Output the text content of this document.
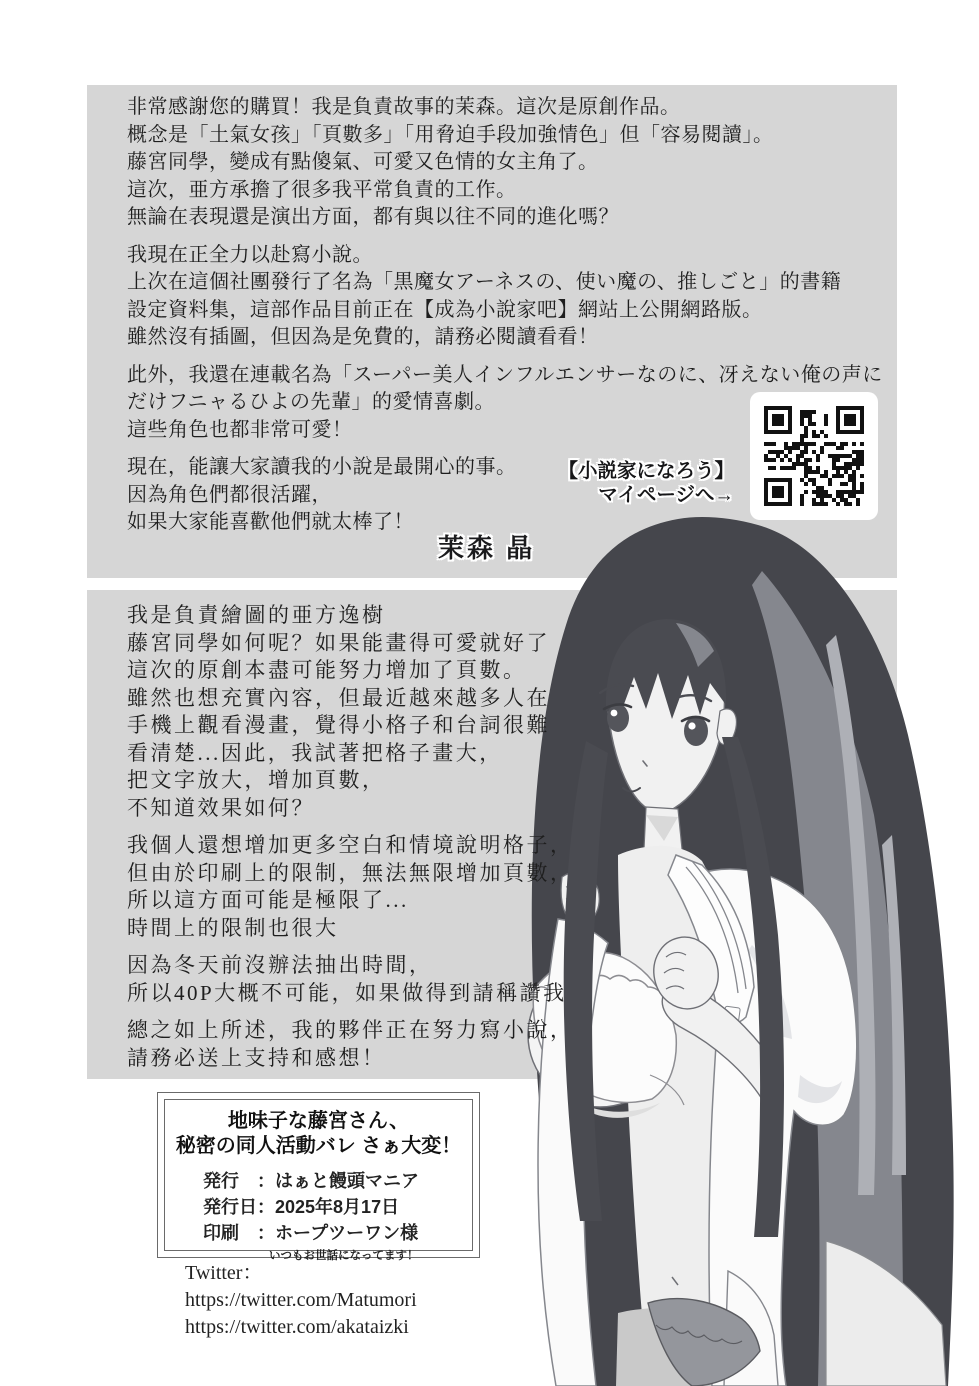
非常感謝您的購買！我是負責故事的茉森。這次是原創作品。
概念是「土氣女孩」「頁數多」「用脅迫手段加強情色」但「容易閱讀」。
藤宮同學，變成有點傻氣、可愛又色情的女主角了。
這次，亜方承擔了很多我平常負責的工作。
無論在表現還是演出方面，都有與以往不同的進化嗎？
我現在正全力以赴寫小說。
上次在這個社團發行了名為「黒魔女アーネスの、使い魔の、推しごと」的書籍
設定資料集，這部作品目前正在【成為小說家吧】網站上公開網路版。
雖然沒有插圖，但因為是免費的，請務必閱讀看看！
此外，我還在連載名為「スーパー美人インフルエンサーなのに、冴えない俺の声に
だけフニャるひよの先輩」的愛情喜劇。
這些角色也都非常可愛！
現在，能讓大家讀我的小說是最開心的事。
因為角色們都很活躍，
如果大家能喜歡他們就太棒了！
茉森 晶
【小説家になろう】
マイページへ→
我是負責繪圖的亜方逸樹
藤宮同學如何呢？如果能畫得可愛就好了
這次的原創本盡可能努力增加了頁數。
雖然也想充實內容，但最近越來越多人在
手機上觀看漫畫，覺得小格子和台詞很難
看清楚...因此，我試著把格子畫大，
把文字放大，增加頁數，
不知道效果如何？
我個人還想增加更多空白和情境說明格子，
但由於印刷上的限制，無法無限增加頁數，
所以這方面可能是極限了...
時間上的限制也很大
因為冬天前沒辦法抽出時間，
所以40P大概不可能，如果做得到請稱讚我
總之如上所述，我的夥伴正在努力寫小說，
請務必送上支持和感想！
地味子な藤宮さん、
秘密の同人活動バレ さぁ大変！
発行　：はぁと饅頭マニア
発行日：2025年8月17日
印刷　：ホープツーワン様
いつもお世話になってます！
Twitter：
https://twitter.com/Matumori
https://twitter.com/akataizki
